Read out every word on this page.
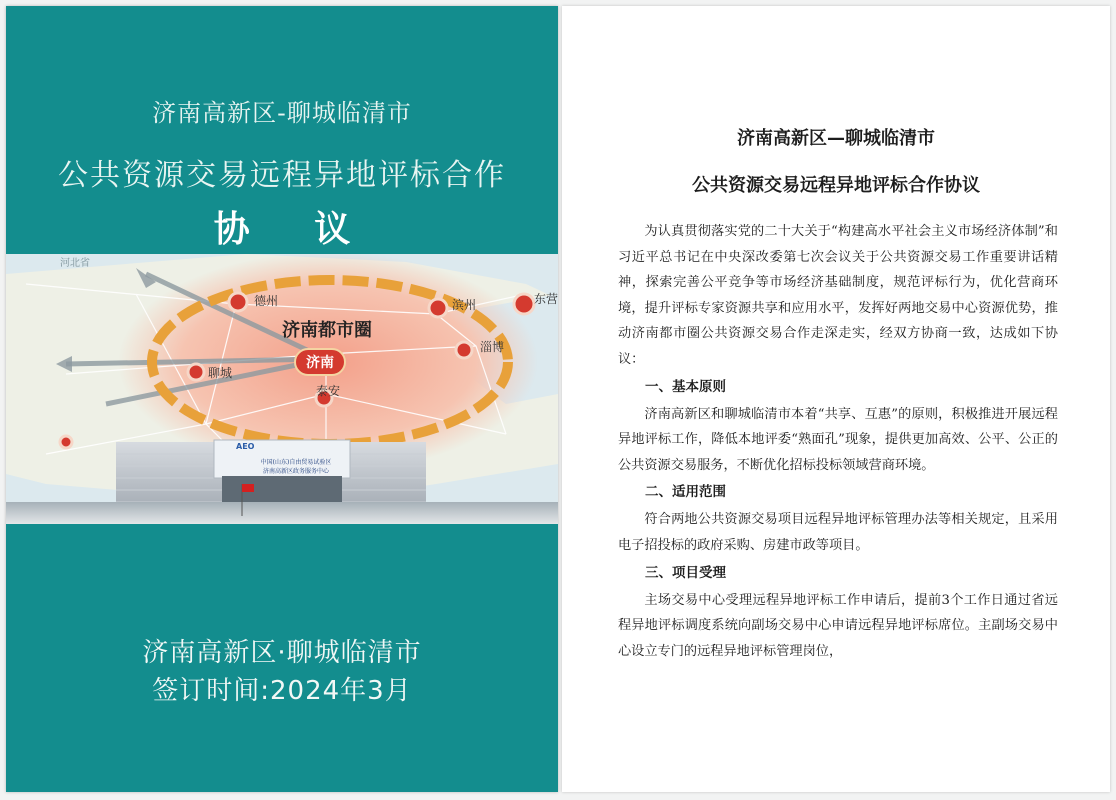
济南高新区-聊城临清市
公共资源交易远程异地评标合作
协 议
河北省
德州	滨州	东营
济南都市圈
济南
淄博
聊城
泰安
AEO
中国(山东)自由贸易试验区
济南高新区政务服务中心
济南高新区·聊城临清市
签订时间:2024年3月
济南高新区—聊城临清市
公共资源交易远程异地评标合作协议

为认真贯彻落实党的二十大关于“构建高水平社会主义市场经济体制”和习近平总书记在中央深改委第七次会议关于公共资源交易工作重要讲话精神，探索完善公平竞争等市场经济基础制度，规范评标行为，优化营商环境，提升评标专家资源共享和应用水平，发挥好两地交易中心资源优势，推动济南都市圈公共资源交易合作走深走实，经双方协商一致，达成如下协议：

一、基本原则

济南高新区和聊城临清市本着“共享、互惠”的原则，积极推进开展远程异地评标工作，降低本地评委“熟面孔”现象，提供更加高效、公平、公正的公共资源交易服务，不断优化招标投标领域营商环境。

二、适用范围

符合两地公共资源交易项目远程异地评标管理办法等相关规定，且采用电子招投标的政府采购、房建市政等项目。

三、项目受理

主场交易中心受理远程异地评标工作申请后，提前3个工作日通过省远程异地评标调度系统向副场交易中心申请远程异地评标席位。主副场交易中心设立专门的远程异地评标管理岗位，
